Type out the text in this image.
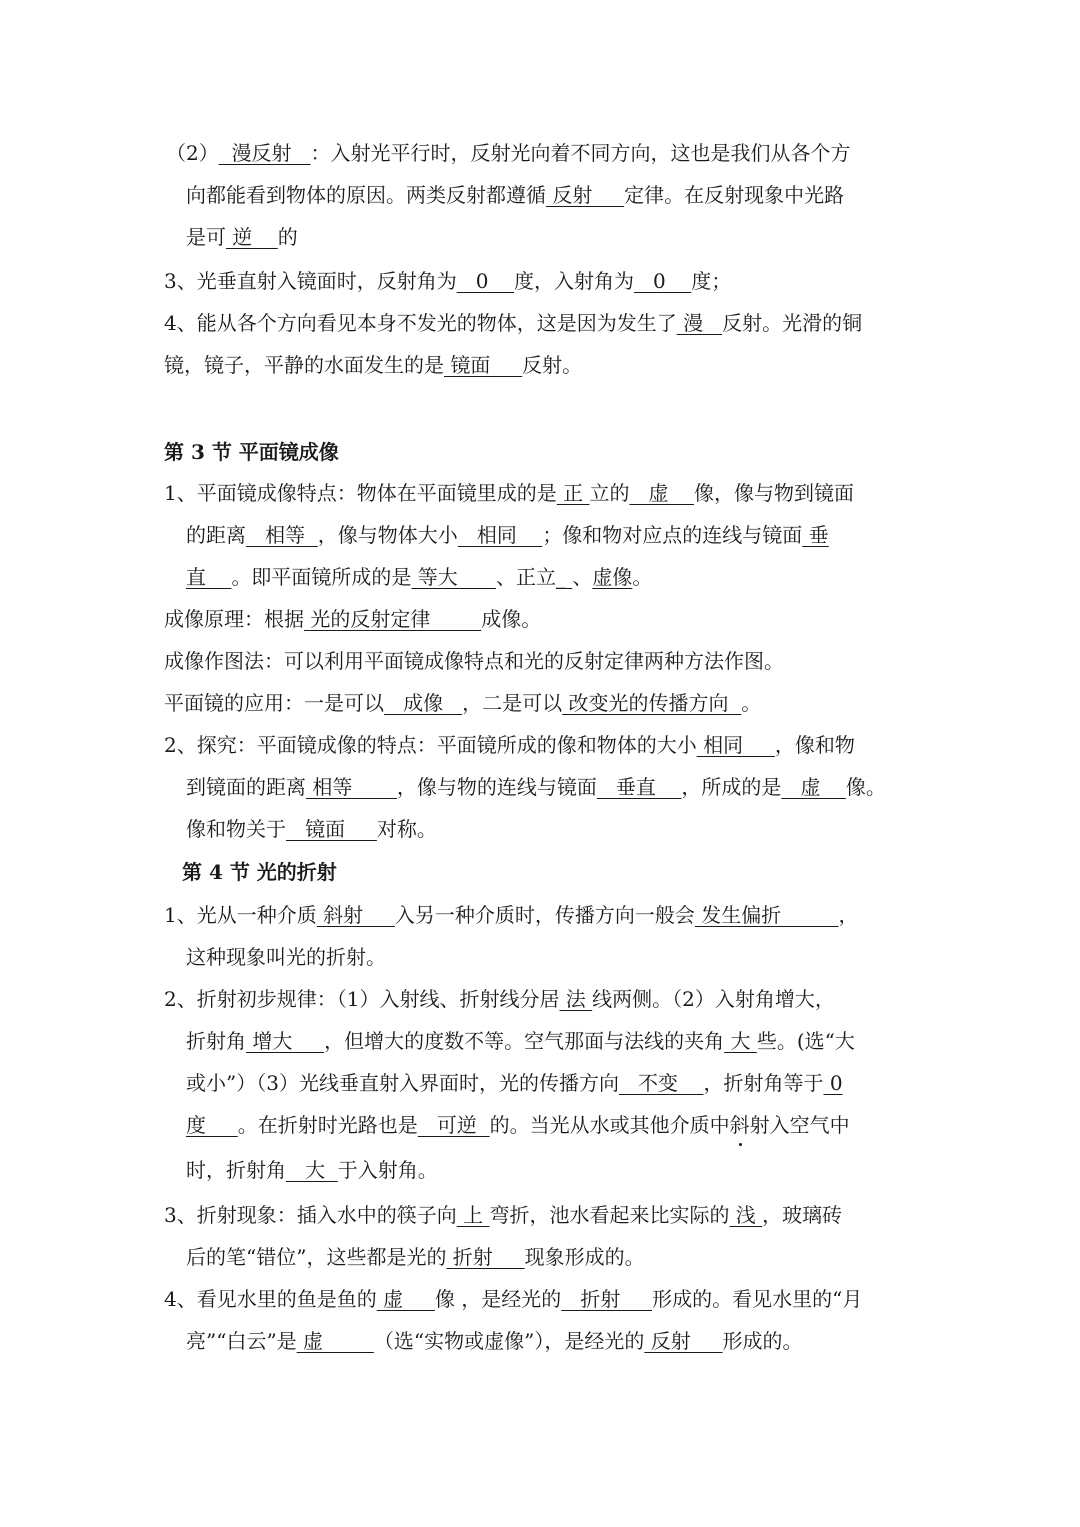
（2）  漫反射   ：入射光平行时，反射光向着不同方向，这也是我们从各个方
向都能看到物体的原因。两类反射都遵循 反射     定律。在反射现象中光路
是可 逆    的
3、光垂直射入镜面时，反射角为   0    度，入射角为   0    度；
4、能从各个方向看见本身不发光的物体，这是因为发生了 漫   反射。光滑的铜
镜，镜子，平静的水面发生的是 镜面     反射。
第 3 节 平面镜成像
1、平面镜成像特点：物体在平面镜里成的是 正 立的   虚    像，像与物到镜面
的距离   相等  ，像与物体大小   相同    ；像和物对应点的连线与镜面 垂
直    。即平面镜所成的是 等大      、正立_ 、虚像。
成像原理：根据 光的反射定律        成像。
成像作图法：可以利用平面镜成像特点和光的反射定律两种方法作图。
平面镜的应用：一是可以   成像   ，二是可以 改变光的传播方向  。
2、探究：平面镜成像的特点：平面镜所成的像和物体的大小 相同     ，像和物
到镜面的距离 相等       ，像与物的连线与镜面   垂直    ，所成的是   虚    像。
像和物关于   镜面     对称。
第 4 节 光的折射
1、光从一种介质 斜射     入另一种介质时，传播方向一般会 发生偏折         ，
这种现象叫光的折射。
2、折射初步规律：（1）入射线、折射线分居 法 线两侧。（2）入射角增大，
折射角 增大     ，但增大的度数不等。空气那面与法线的夹角 大 些。(选“大
或小”）（3）光线垂直射入界面时，光的传播方向   不变    ，折射角等于 0
度     。在折射时光路也是   可逆  的。当光从水或其他介质中斜射入空气中
时，折射角   大  于入射角。
3、折射现象：插入水中的筷子向 上 弯折，池水看起来比实际的 浅 ，玻璃砖
后的笔“错位”，这些都是光的 折射     现象形成的。
4、看见水里的鱼是鱼的 虚     像 ，是经光的   折射     形成的。看见水里的“月
亮”“白云”是 虚        （选“实物或虚像”），是经光的 反射     形成的。
